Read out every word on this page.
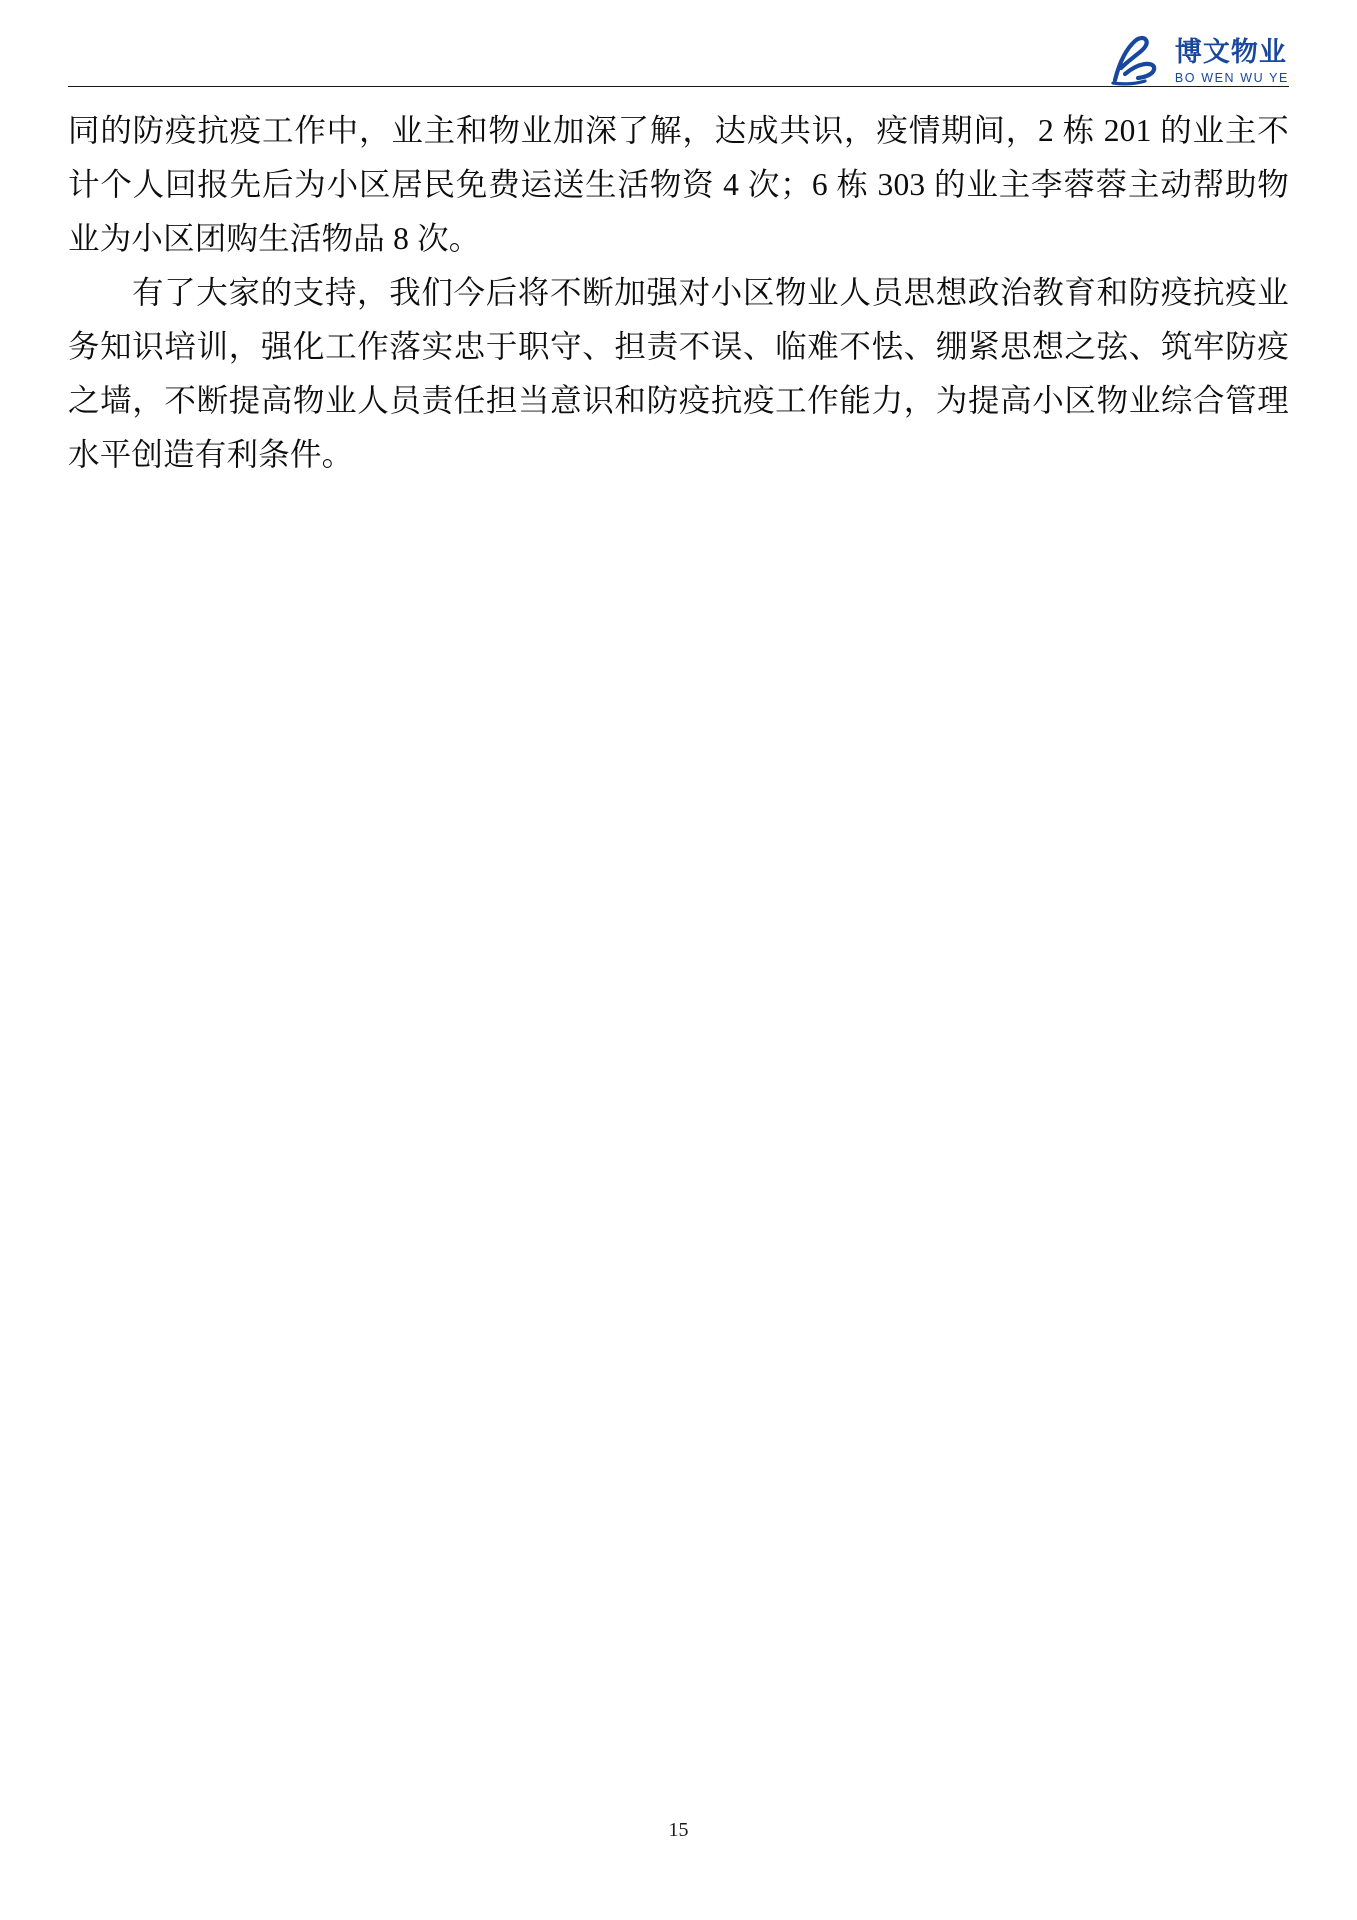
博文物业
BO WEN WU YE

同的防疫抗疫工作中，业主和物业加深了解，达成共识，疫情期间，2 栋 201 的业主不计个人回报先后为小区居民免费运送生活物资 4 次；6 栋 303 的业主李蓉蓉主动帮助物业为小区团购生活物品 8 次。

有了大家的支持，我们今后将不断加强对小区物业人员思想政治教育和防疫抗疫业务知识培训，强化工作落实忠于职守、担责不误、临难不怯、绷紧思想之弦、筑牢防疫之墙，不断提高物业人员责任担当意识和防疫抗疫工作能力，为提高小区物业综合管理水平创造有利条件。

15
